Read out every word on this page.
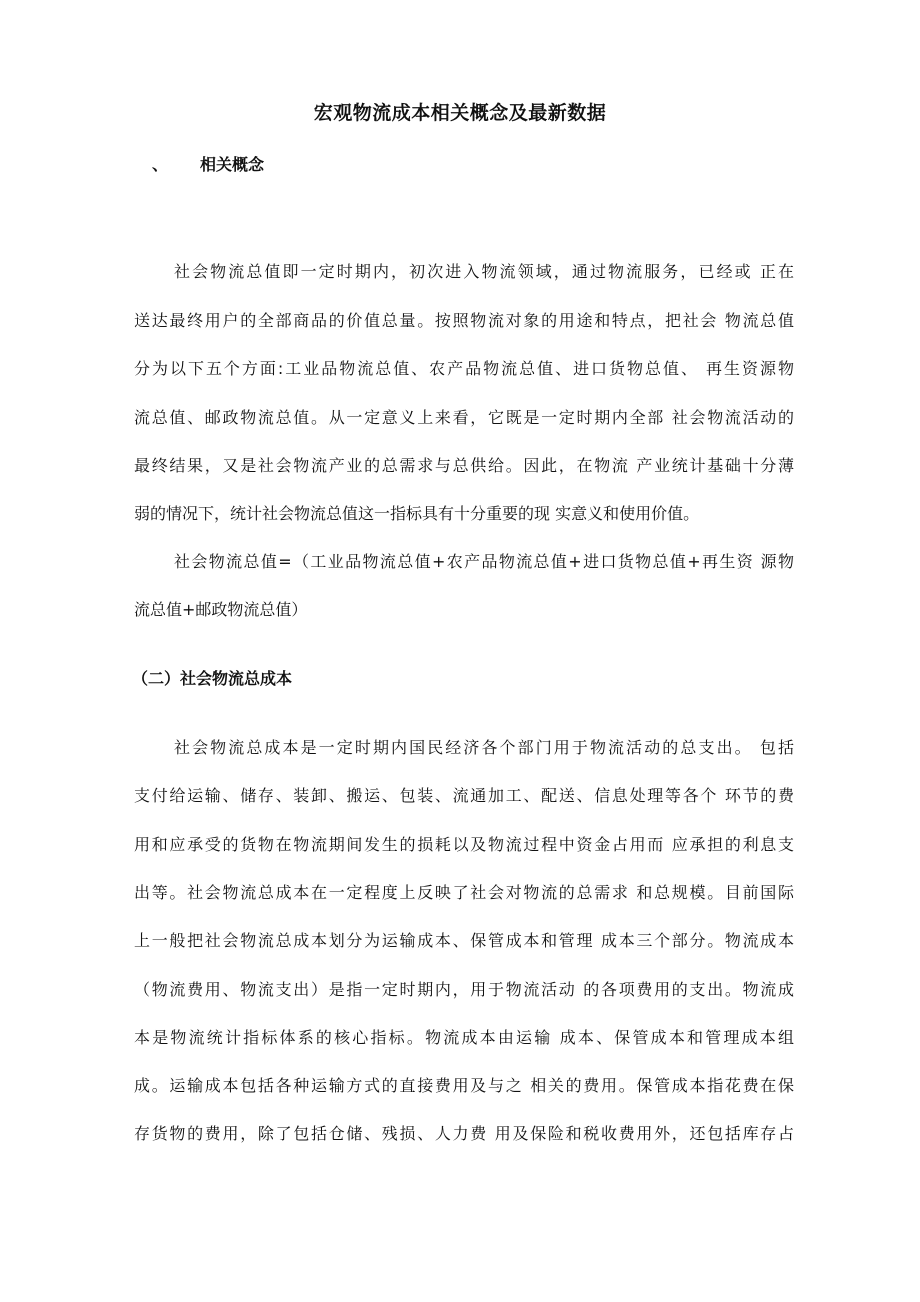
宏观物流成本相关概念及最新数据
、 相关概念
社会物流总值即一定时期内，初次进入物流领域，通过物流服务，已经或 正在
送达最终用户的全部商品的价值总量。按照物流对象的用途和特点，把社会 物流总值
分为以下五个方面:工业品物流总值、农产品物流总值、进口货物总值、 再生资源物
流总值、邮政物流总值。从一定意义上来看，它既是一定时期内全部 社会物流活动的
最终结果，又是社会物流产业的总需求与总供给。因此，在物流 产业统计基础十分薄
弱的情况下，统计社会物流总值这一指标具有十分重要的现 实意义和使用价值。
社会物流总值=（工业品物流总值+农产品物流总值+进口货物总值+再生资 源物
流总值+邮政物流总值）
（二）社会物流总成本
社会物流总成本是一定时期内国民经济各个部门用于物流活动的总支出。 包括
支付给运输、储存、装卸、搬运、包装、流通加工、配送、信息处理等各个 环节的费
用和应承受的货物在物流期间发生的损耗以及物流过程中资金占用而 应承担的利息支
出等。社会物流总成本在一定程度上反映了社会对物流的总需求 和总规模。目前国际
上一般把社会物流总成本划分为运输成本、保管成本和管理 成本三个部分。物流成本
（物流费用、物流支出）是指一定时期内，用于物流活动 的各项费用的支出。物流成
本是物流统计指标体系的核心指标。物流成本由运输 成本、保管成本和管理成本组
成。运输成本包括各种运输方式的直接费用及与之 相关的费用。保管成本指花费在保
存货物的费用，除了包括仓储、残损、人力费 用及保险和税收费用外，还包括库存占
